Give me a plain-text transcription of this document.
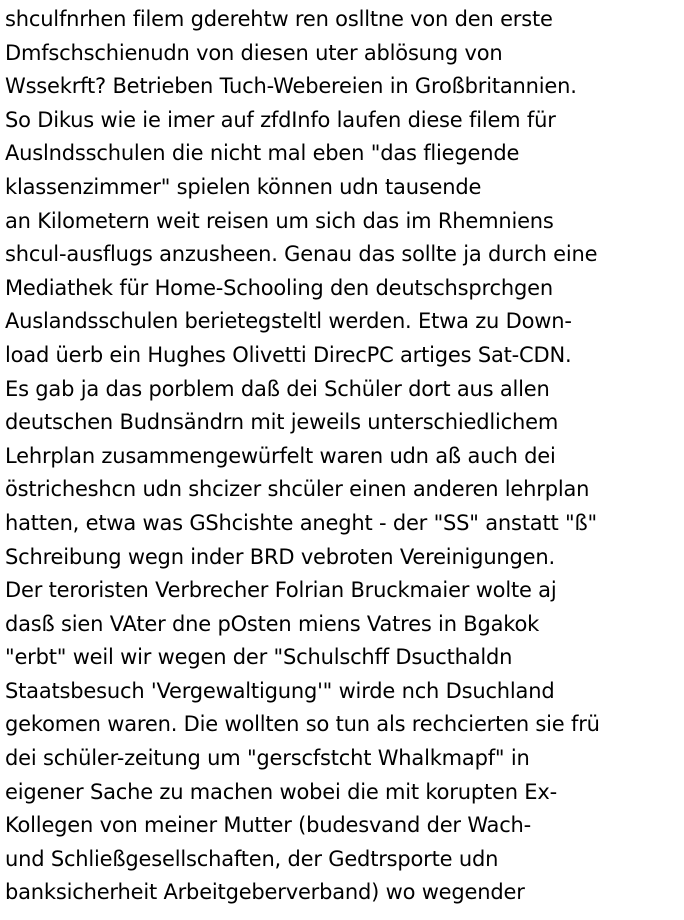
shculfnrhen filem gderehtw ren oslltne von den erste
Dmfschschienudn von diesen uter ablösung von
Wssekrft? Betrieben Tuch-Webereien in Großbritannien.
So Dikus wie ie imer auf zfdInfo laufen diese filem für
Auslndsschulen die nicht mal eben "das fliegende
klassenzimmer" spielen können udn tausende
an Kilometern weit reisen um sich das im Rhemniens
shcul-ausflugs anzusheen. Genau das sollte ja durch eine
Mediathek für Home-Schooling den deutschsprchgen
Auslandsschulen berietegsteltl werden. Etwa zu Down-
load üerb ein Hughes Olivetti DirecPC artiges Sat-CDN.
Es gab ja das porblem daß dei Schüler dort aus allen
deutschen Budnsändrn mit jeweils unterschiedlichem
Lehrplan zusammengewürfelt waren udn aß auch dei
östricheshcn udn shcizer shcüler einen anderen lehrplan
hatten, etwa was GShcishte aneght - der "SS" anstatt "ß"
Schreibung wegn inder BRD vebroten Vereinigungen.
Der teroristen Verbrecher Folrian Bruckmaier wolte aj
dasß sien VAter dne pOsten miens Vatres in Bgakok
"erbt" weil wir wegen der "Schulschff Dsucthaldn
Staatsbesuch 'Vergewaltigung'" wirde nch Dsuchland
gekomen waren. Die wollten so tun als rechcierten sie frü
dei schüler-zeitung um "gerscfstcht Whalkmapf" in
eigener Sache zu machen wobei die mit korupten Ex-
Kollegen von meiner Mutter (budesvand der Wach-
und Schließgesellschaften, der Gedtrsporte udn
banksicherheit Arbeitgeberverband) wo wegender
